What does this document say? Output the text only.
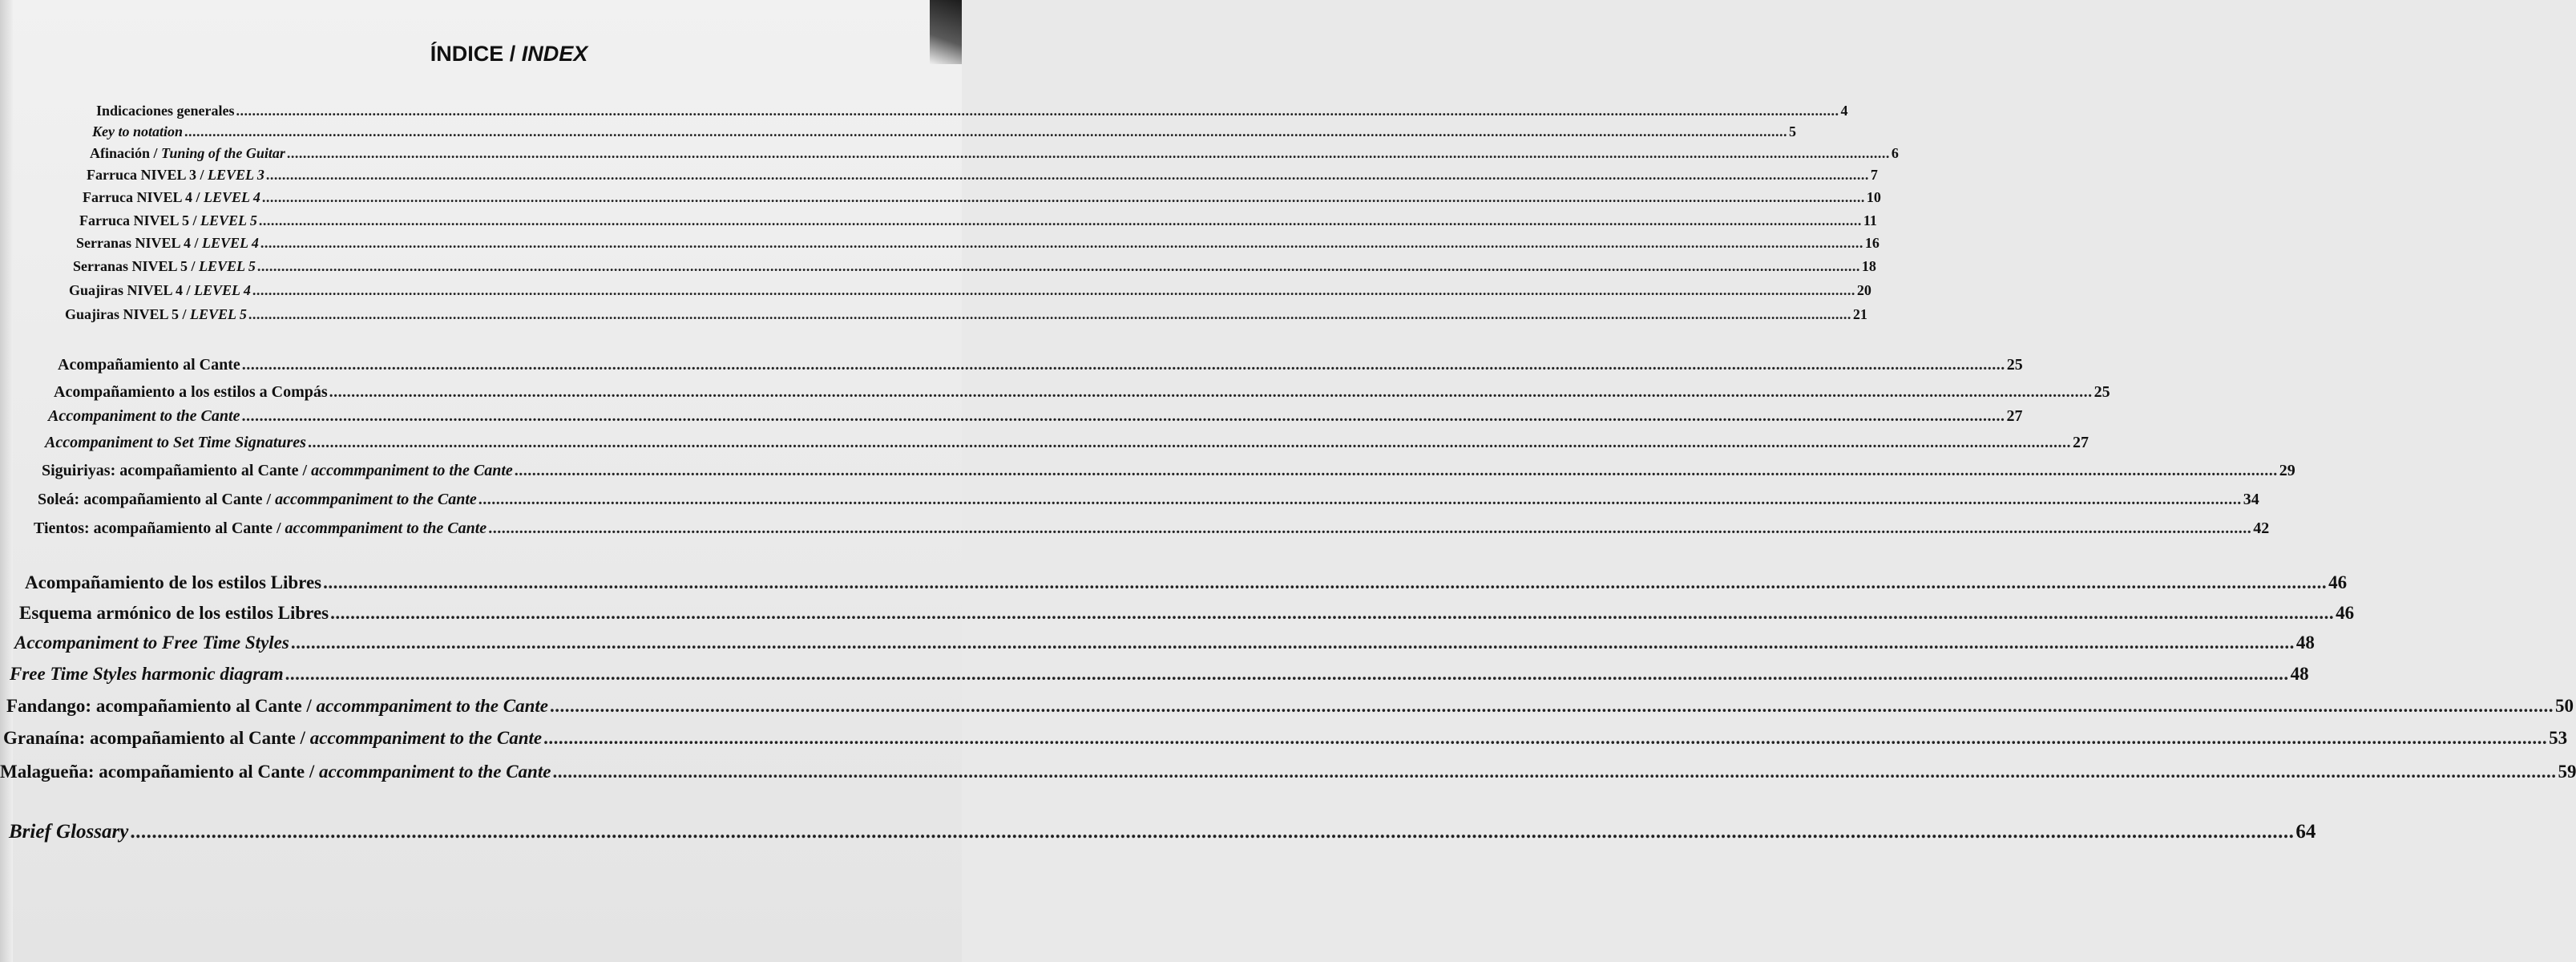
ÍNDICE / INDEX
Indicaciones generales ................................................................................................................................................................................................................................................................................................................................................................................................................ 4
Key to notation ................................................................................................................................................................................................................................................................................................................................................................................................................ 5
Afinación / Tuning of the Guitar ................................................................................................................................................................................................................................................................................................................................................................................................................ 6
Farruca NIVEL 3 / LEVEL 3 ................................................................................................................................................................................................................................................................................................................................................................................................................ 7
Farruca NIVEL 4 / LEVEL 4 ................................................................................................................................................................................................................................................................................................................................................................................................................ 10
Farruca NIVEL 5 / LEVEL 5 ................................................................................................................................................................................................................................................................................................................................................................................................................ 11
Serranas NIVEL 4 / LEVEL 4 ................................................................................................................................................................................................................................................................................................................................................................................................................ 16
Serranas NIVEL 5 / LEVEL 5 ................................................................................................................................................................................................................................................................................................................................................................................................................ 18
Guajiras NIVEL 4 / LEVEL 4 ................................................................................................................................................................................................................................................................................................................................................................................................................ 20
Guajiras NIVEL 5 / LEVEL 5 ................................................................................................................................................................................................................................................................................................................................................................................................................ 21
Acompañamiento al Cante ................................................................................................................................................................................................................................................................................................................................................................................................................ 25
Acompañamiento a los estilos a Compás ................................................................................................................................................................................................................................................................................................................................................................................................................ 25
Accompaniment to the Cante ................................................................................................................................................................................................................................................................................................................................................................................................................ 27
Accompaniment to Set Time Signatures ................................................................................................................................................................................................................................................................................................................................................................................................................ 27
Siguiriyas: acompañamiento al Cante / accommpaniment to the Cante ................................................................................................................................................................................................................................................................................................................................................................................................................ 29
Soleá: acompañamiento al Cante / accommpaniment to the Cante ................................................................................................................................................................................................................................................................................................................................................................................................................ 34
Tientos: acompañamiento al Cante / accommpaniment to the Cante ................................................................................................................................................................................................................................................................................................................................................................................................................ 42
Acompañamiento de los estilos Libres ................................................................................................................................................................................................................................................................................................................................................................................................................ 46
Esquema armónico de los estilos Libres ................................................................................................................................................................................................................................................................................................................................................................................................................ 46
Accompaniment to Free Time Styles ................................................................................................................................................................................................................................................................................................................................................................................................................ 48
Free Time Styles harmonic diagram ................................................................................................................................................................................................................................................................................................................................................................................................................ 48
Fandango: acompañamiento al Cante / accommpaniment to the Cante ................................................................................................................................................................................................................................................................................................................................................................................................................ 50
Granaína: acompañamiento al Cante / accommpaniment to the Cante ................................................................................................................................................................................................................................................................................................................................................................................................................ 53
Malagueña: acompañamiento al Cante / accommpaniment to the Cante ................................................................................................................................................................................................................................................................................................................................................................................................................ 59
Brief Glossary ................................................................................................................................................................................................................................................................................................................................................................................................................ 64
